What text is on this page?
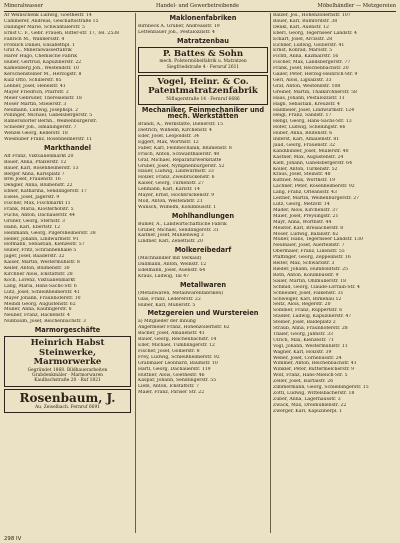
Mineralwasser	Handel- und Gewerbetreibende	Möbelhändler — Metzgereien
Ar Weinschenk Ludwig, Goethestr. 14
Cammerer, Andreas, Geschäftsstraße 15
Dallinger Marie, Schwantalerstr. 5
Ernst C. F., Gebr. Frauen, Ritter-str. 17, Tel. 2538
Fahrich M., Wannersstr. 4
Fröhlich Daniel, Elisabethpl. 1
Graf A., Mineralwasserfabrik
Harer Hugo, Chemische Fabrik
Huber, Gertrud, Kapuzinerstr. 22
Kamenberg Joh., Westendstr. 10
Kerschensteiner M., Herzogstr. 8
Kulz Otto, Schillerstr. 85
Lehner, Josef, Hebelstr. 41
Mayer Friedrich, Pfarrstr. 3
Meier Gebrüder, Theresienstr. 18
Moser Martin, Stielerstr. 3
Neumann, Ludwig, Josephspl. 2
Pollinger, Michael, Gabelsbergerstr. 5
Ramersdorfer Bernh., Weißenburgerstr.
Schieder Joh., Ismaningerstr. 7
Wenzel Georg, Kellerstr. 18
Wieshuber Franz, Rosenheimerstr. 11
Markthandel
Alt Franz, Viktualienmarkt 20
Bauer, Anna, Pfälzerstr. 12
Bauer, Karl, Rosenheimerstr. 13
Berger Anna, Karlsplatz 7
Brei Josef, Frauenstr. 16
Dengler, Anna, Blumenstr. 22
Ebner, Katharina, Sendlingerstr. 17
Eisele, Josef, Jägerstr. 9
Fischer, Max, Fischmarkt 11
Frank, Maria, Klosterhofstr. 5
Fuchs, Anton, Dachauerstr. 44
Grüner, Georg, Sternstr. 3
Hahn, Karl, Ebertstr. 12
Heinmann, Georg, Pilgersheimerstr. 38
Heller, Johann, Lindwurmstr. 91
Hofmann, Sebastian, Klenzestr. 57
Huber, Fritz, Schrannenhalle 5
Jäger, Josef, Baaderstr. 32
Kaiser, Martin, Westermühlstr. 8
Keller, Anton, Blumenstr. 30
Kirchner Alois, Ickstattstr. 28
Koch, Lorenz, Viktualienmarkt
Lang, Maria, Hans-Sachs-Str. 6
Lutz, Josef, Schleißheimerstr. 41
Mayer Johann, Fraunhoferstr. 10
Meindl Georg, Augustenstr. 62
Müller, Anna, Kaufingerstr. 8
Neuner, Franz, Hackenstr. 4
Nußbaum, Josef, Reichenbachstr. 3
Marmorgeschäfte
Heinrich Habst
Steinwerke, Marmorwerke
Gegründet 1868. Bildhauerarbeiten
Grabdenkmäler · Marmorwaren
Kaulbachstraße 20 · Ruf 1821
Rosenbaum, J.
Au, Zeiselbach. Fernruf 6691
Maklonenfabriken
Birnbeck A. Gruber, Andreasstr. 19
Lettenbauer Joh., Pestalozzistr. 4
Matratzenbau
P. Battes & Sohn
mech. Polstermöbelfabrik u. Matratzen
Siegfriedstraße 4 · Fernruf 2611
Vogel, Heinr. & Co.
Patentmatratzenfabrik
Niflugerstraße 14 · Fernruf 6686
Mechaniker, Feinmechaniker und mech. Werkstätten
Brandl, A., Werkstätte, Dienerstr. 15
Dietrich, Wilhelm, Kirchenstr. 4
Eder, Josef, Leopoldstr. 34
Eggert, Max, Wörthstr. 12
Faber, Karl, Feinmechanik, Blumenstr. 8
Frisch, Anton, Schwanthalerstr. 40
Graf, Michael, Reparaturwerkstätte
Gruber, Josef, Nymphenburgerstr. 52
Hauer, Ludwig, Lindwurmstr. 33
Holzer, Franz, Zweibrückenstr. 6
Kaiser, Georg, Türkenstr. 27
Lehmann, Karl, Karlstr. 14
Mayer, Ernst, Hochbrückenstr. 9
Moll, Anton, Westendstr. 21
Wünsch, Wilhelm, Kolumbusstr. 1
Mohlhandlungen
Bühler, A., Landwirtschaftliche Fabrik
Gruber, Michael, Sendlingerstr. 31
Kaltner, Josef, Mühlenweg 3
Lindner, Karl, Zenettistr. 20
Molkereibedarf
(Milchhändler mit Verkauf)
Dallmann, Anton, Weinstr. 12
Edelmann, Josef, Auenstr. 64
Kraus, Ludwig, Tal 47
Metallwaren
(Metallwaren, Metallwarenfabriken)
Glas, Franz, Ledererstr. 22
Huber, Karl, Müllerstr. 5
Metzgereien und Wurstereien
a) Mitglieder der Innung
Angermeier Franz, Hohenzollernstr. 62
Bacher, Josef, Amalienstr. 41
Bauer, Georg, Reichenbachstr. 14
Eller, Michael, Tumblingerstr. 12
Fischer, Josef, Gollierstr. 8
Frey, Ludwig, Schleißheimerstr. 92
Grabmaier Leonhard, Baumstr. 10
Hartl, Georg, Dachauerstr. 119
Hüttner, Alois, Goethestr. 46
Kaspar, Johann, Sendlingerstr. 55
Liebl, Anton, Ickstattstr. 7
Maier, Franz, Pariser Str. 22
Balzer, Jos., Hohenzollernstr. 107
Bauer, Karl, Rumfordstr. 38
Denkl, Karl, Auenstr. 12
Eberl, Georg, Tegernseer Landstr. 4
Eckart, Josef, Arcisstr. 28
Eichner, Ludwig, Gollierstr. 41
Ernst, Konrad, Marsstr. 5
Fichtl, Anna, Kazmairstr. 16
Fischer, Max, Landsbergerstr. 77
Frank, Josef, Reichenbachstr. 20
Gailer, Peter, Herzog-Heinrich-Str. 9
Gerl, Alois, Ligsalzstr. 33
Graf, Anton, Westendstr. 108
Greiner, Martin, Thalkirchnerstr. 58
Haas, Johann, Pestalozzistr. 11
Hagn, Sebastian, Kreuzstr. 4
Hallmeier, Josef, Lindwurmstr. 124
Heigl, Franz, Sandstr. 17
Hengl, Georg, Hans-Sachs-Str. 13
Hofer, Ludwig, Schellingstr. 66
Huber, Anna, Blütenstr. 6
Inderst, Karl, Amalienstr. 81
Jaud, Georg, Frauenstr. 32
Kandlbinder, Josef, Müllerstr. 40
Kastner, Max, Augustenstr. 24
Kiefl, Johann, Gabelsbergerstr. 64
Koller, Anton, Türkenstr. 52
Kraus, Josef, Steinstr. 48
Kuttner, Max, Wörthstr. 19
Lachner, Peter, Rosenheimerstr. 92
Lang, Franz, Orleansstr. 43
Leitner, Martin, Weißenburgerstr. 27
Lutz, Georg, Metzstr. 14
Mader, Alois, Kirchenstr. 37
Maier, Josef, Preysingstr. 21
Mayr, Anna, Wörthstr. 44
Meister, Karl, Breisacherstr. 8
Moser, Ludwig, Balanstr. 62
Müller, Hans, Tegernseer Landstr. 130
Neumaier, Josef, Auerfeldstr. 7
Obermaier, Franz, Lilienstr. 55
Pfaffinger, Georg, Zeppelinstr. 16
Reiter, Max, Schwarzstr. 3
Rieder, Johann, Humboldtstr. 25
Roth, Anton, Kolumbusstr. 9
Sailer, Martin, Ohlmüllerstr. 18
Schmid, Georg, Claude-Lorrain-Str. 4
Schneider, Josef, Falkenstr. 31
Schweiger, Karl, Birkenau 12
Seitz, Alois, Regerstr. 20
Sommer, Franz, Ruppertstr. 6
Stadler, Ludwig, Kapuzinerstr. 47
Steiner, Josef, Baldeplatz 2
Straub, Anna, Fraunhoferstr. 28
Thaler, Georg, Jahnstr. 33
Ulrich, Max, Klenzestr. 71
Vogl, Johann, Westermühlstr. 11
Wagner, Karl, Holzstr. 39
Weber, Josef, Corneliusstr. 24
Wimmer, Anton, Reichenbachstr. 41
Winkler, Peter, Buttermelcherstr. 9
Wolf, Franz, Hans-Mielich-Str. 5
Zeller, Josef, Isartalstr. 26
Zimmermann, Georg, Schleibingerstr. 15
Zöttl, Ludwig, Wittelsbacherstr. 18
Zuber, Anna, Lagerhausstr. 3
Zwack, Max, Dreimühlenstr. 22
Zwerger, Karl, Kapuzinerpl. 1
298 IV
